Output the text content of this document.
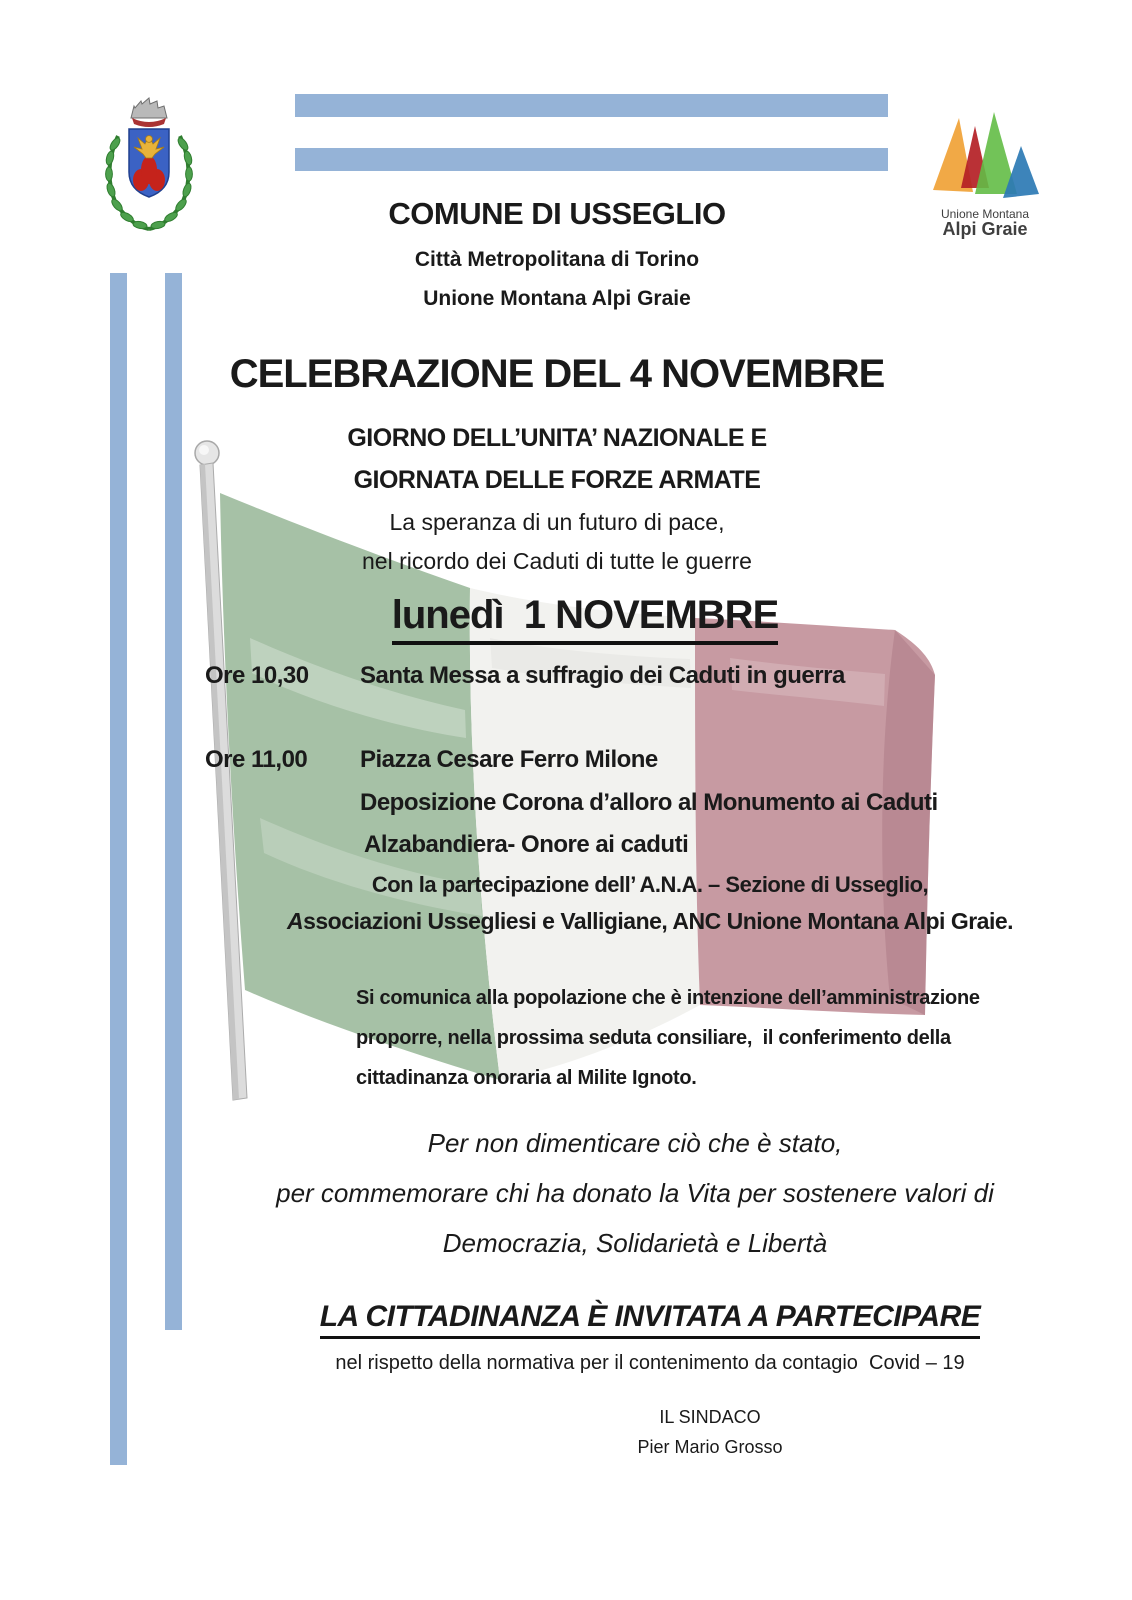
Unione Montana
Alpi Graie
COMUNE DI USSEGLIO
Città Metropolitana di Torino
Unione Montana Alpi Graie
CELEBRAZIONE DEL 4 NOVEMBRE
GIORNO DELL’UNITA’ NAZIONALE E
GIORNATA DELLE FORZE ARMATE
La speranza di un futuro di pace,
nel ricordo dei Caduti di tutte le guerre
lunedì  1 NOVEMBRE
Ore 10,30	Santa Messa a suffragio dei Caduti in guerra
Ore 11,00	Piazza Cesare Ferro Milone
Deposizione Corona d’alloro al Monumento ai Caduti
Alzabandiera- Onore ai caduti
Con la partecipazione dell’ A.N.A. – Sezione di Usseglio,
Associazioni Ussegliesi e Valligiane, ANC Unione Montana Alpi Graie.
Si comunica alla popolazione che è intenzione dell’amministrazione
proporre, nella prossima seduta consiliare,  il conferimento della
cittadinanza onoraria al Milite Ignoto.
Per non dimenticare ciò che è stato,
per commemorare chi ha donato la Vita per sostenere valori di
Democrazia, Solidarietà e Libertà
LA CITTADINANZA È INVITATA A PARTECIPARE
nel rispetto della normativa per il contenimento da contagio  Covid – 19
IL SINDACO
Pier Mario Grosso
